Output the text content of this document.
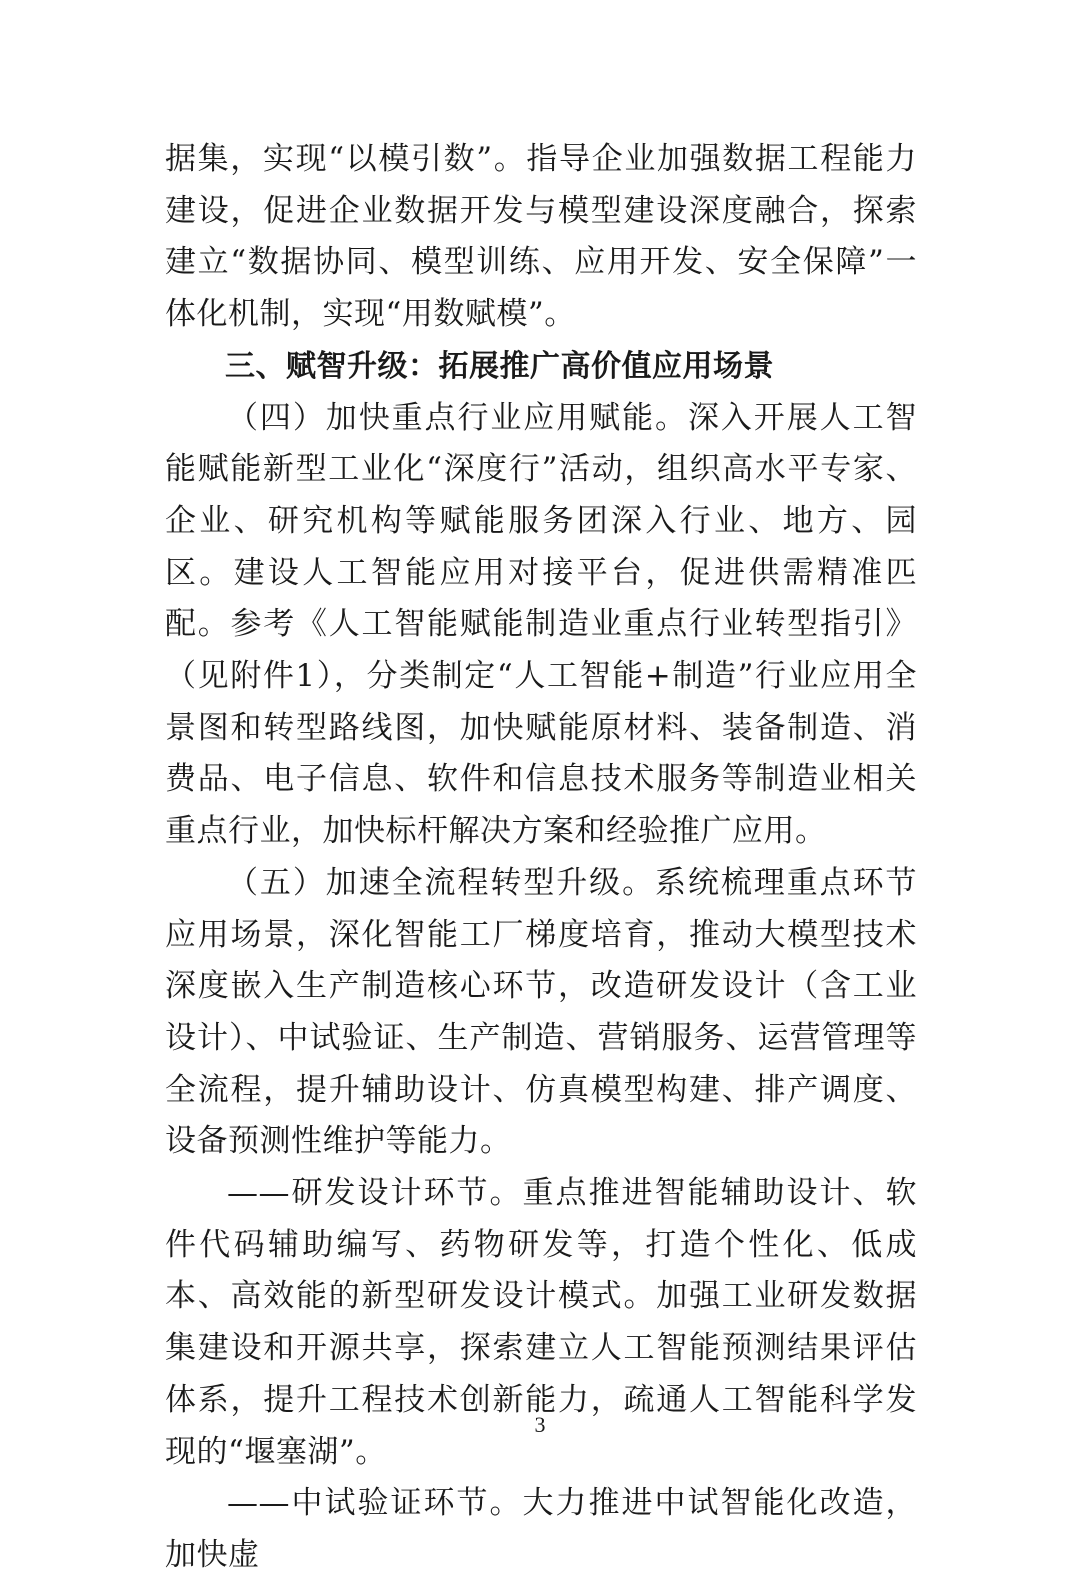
据集，实现“以模引数”。指导企业加强数据工程能力建设，促进企业数据开发与模型建设深度融合，探索建立“数据协同、模型训练、应用开发、安全保障”一体化机制，实现“用数赋模”。

三、赋智升级：拓展推广高价值应用场景

（四）加快重点行业应用赋能。深入开展人工智能赋能新型工业化“深度行”活动，组织高水平专家、企业、研究机构等赋能服务团深入行业、地方、园区。建设人工智能应用对接平台，促进供需精准匹配。参考《人工智能赋能制造业重点行业转型指引》（见附件1），分类制定“人工智能+制造”行业应用全景图和转型路线图，加快赋能原材料、装备制造、消费品、电子信息、软件和信息技术服务等制造业相关重点行业，加快标杆解决方案和经验推广应用。

（五）加速全流程转型升级。系统梳理重点环节应用场景，深化智能工厂梯度培育，推动大模型技术深度嵌入生产制造核心环节，改造研发设计（含工业设计）、中试验证、生产制造、营销服务、运营管理等全流程，提升辅助设计、仿真模型构建、排产调度、设备预测性维护等能力。

——研发设计环节。重点推进智能辅助设计、软件代码辅助编写、药物研发等，打造个性化、低成本、高效能的新型研发设计模式。加强工业研发数据集建设和开源共享，探索建立人工智能预测结果评估体系，提升工程技术创新能力，疏通人工智能科学发现的“堰塞湖”。

——中试验证环节。大力推进中试智能化改造，加快虚

3
